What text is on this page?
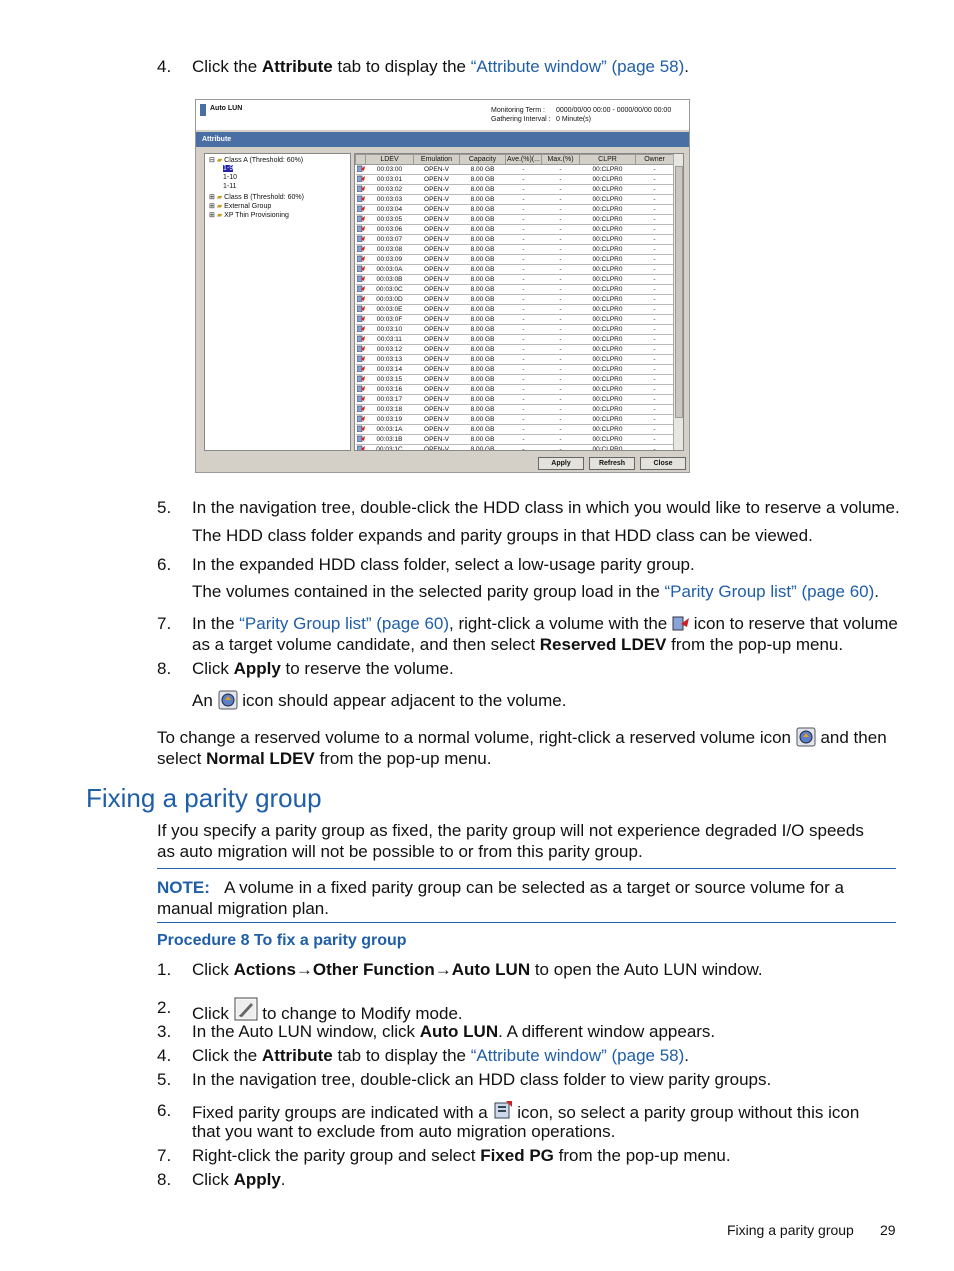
4. Click the Attribute tab to display the “Attribute window” (page 58).
Auto LUN	Monitoring Term : 0000/00/00 00:00 - 0000/00/00 00:00
Gathering Interval : 0 Minute(s)
Attribute
⊟ ▰ Class A (Threshold: 60%)
1-9
1-10
1-11
⊞ ▰ Class B (Threshold: 60%)
⊞ ▰ External Group
⊞ ▰ XP Thin Provisioning
	LDEV	Emulation	Capacity	Ave.(%)(...	Max.(%)	CLPR	Owner
	00:03:00	OPEN-V	8.00 GB	-	-	00:CLPR0	-
	00:03:01	OPEN-V	8.00 GB	-	-	00:CLPR0	-
	00:03:02	OPEN-V	8.00 GB	-	-	00:CLPR0	-
	00:03:03	OPEN-V	8.00 GB	-	-	00:CLPR0	-
	00:03:04	OPEN-V	8.00 GB	-	-	00:CLPR0	-
	00:03:05	OPEN-V	8.00 GB	-	-	00:CLPR0	-
	00:03:06	OPEN-V	8.00 GB	-	-	00:CLPR0	-
	00:03:07	OPEN-V	8.00 GB	-	-	00:CLPR0	-
	00:03:08	OPEN-V	8.00 GB	-	-	00:CLPR0	-
	00:03:09	OPEN-V	8.00 GB	-	-	00:CLPR0	-
	00:03:0A	OPEN-V	8.00 GB	-	-	00:CLPR0	-
	00:03:0B	OPEN-V	8.00 GB	-	-	00:CLPR0	-
	00:03:0C	OPEN-V	8.00 GB	-	-	00:CLPR0	-
	00:03:0D	OPEN-V	8.00 GB	-	-	00:CLPR0	-
	00:03:0E	OPEN-V	8.00 GB	-	-	00:CLPR0	-
	00:03:0F	OPEN-V	8.00 GB	-	-	00:CLPR0	-
	00:03:10	OPEN-V	8.00 GB	-	-	00:CLPR0	-
	00:03:11	OPEN-V	8.00 GB	-	-	00:CLPR0	-
	00:03:12	OPEN-V	8.00 GB	-	-	00:CLPR0	-
	00:03:13	OPEN-V	8.00 GB	-	-	00:CLPR0	-
	00:03:14	OPEN-V	8.00 GB	-	-	00:CLPR0	-
	00:03:15	OPEN-V	8.00 GB	-	-	00:CLPR0	-
	00:03:16	OPEN-V	8.00 GB	-	-	00:CLPR0	-
	00:03:17	OPEN-V	8.00 GB	-	-	00:CLPR0	-
	00:03:18	OPEN-V	8.00 GB	-	-	00:CLPR0	-
	00:03:19	OPEN-V	8.00 GB	-	-	00:CLPR0	-
	00:03:1A	OPEN-V	8.00 GB	-	-	00:CLPR0	-
	00:03:1B	OPEN-V	8.00 GB	-	-	00:CLPR0	-
	00:03:1C	OPEN-V	8.00 GB	-	-	00:CLPR0	-

Apply	Refresh	Close
5. In the navigation tree, double-click the HDD class in which you would like to reserve a volume.
The HDD class folder expands and parity groups in that HDD class can be viewed.
6. In the expanded HDD class folder, select a low-usage parity group.
The volumes contained in the selected parity group load in the “Parity Group list” (page 60).
7. In the “Parity Group list” (page 60), right-click a volume with the  icon to reserve that volume
as a target volume candidate, and then select Reserved LDEV from the pop-up menu.
8. Click Apply to reserve the volume.
An  icon should appear adjacent to the volume.
To change a reserved volume to a normal volume, right-click a reserved volume icon  and then
select Normal LDEV from the pop-up menu.
Fixing a parity group
If you specify a parity group as fixed, the parity group will not experience degraded I/O speeds
as auto migration will not be possible to or from this parity group.
NOTE: A volume in a fixed parity group can be selected as a target or source volume for a
manual migration plan.
Procedure 8 To fix a parity group
1. Click Actions→Other Function→Auto LUN to open the Auto LUN window.
2. Click  to change to Modify mode.
3. In the Auto LUN window, click Auto LUN. A different window appears.
4. Click the Attribute tab to display the “Attribute window” (page 58).
5. In the navigation tree, double-click an HDD class folder to view parity groups.
6. Fixed parity groups are indicated with a  icon, so select a parity group without this icon
that you want to exclude from auto migration operations.
7. Right-click the parity group and select Fixed PG from the pop-up menu.
8. Click Apply.
Fixing a parity group 29
